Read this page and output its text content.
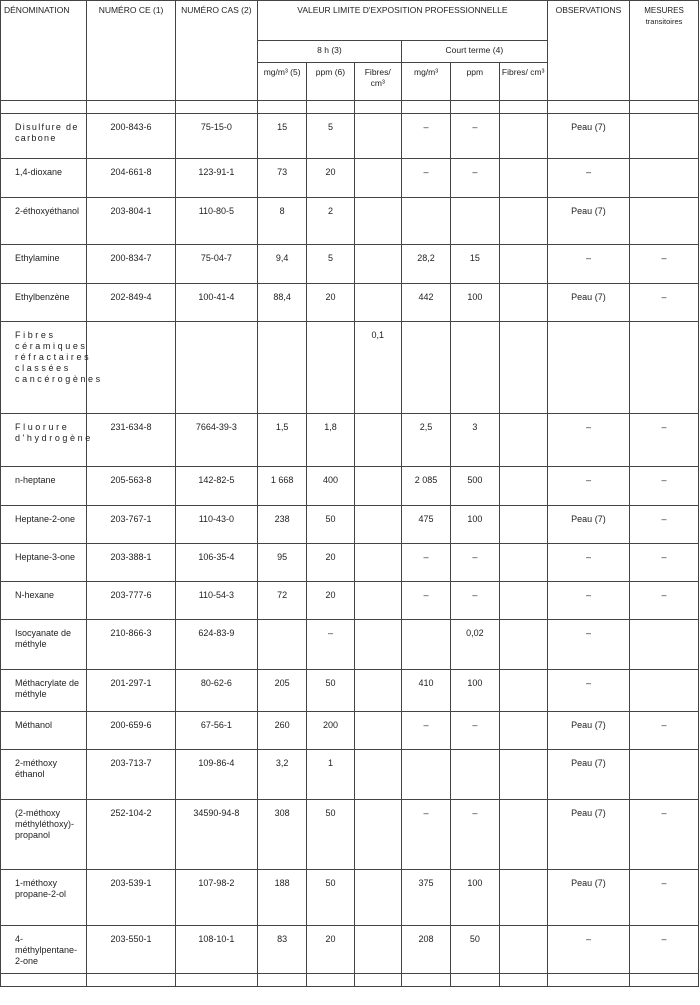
DÉNOMINATION	NUMÉRO CE (1)	NUMÉRO CAS (2)	VALEUR LIMITE D'EXPOSITION PROFESSIONNELLE						OBSERVATIONS	MESURES
transitoires

			8 h (3)			Court terme (4)				
			mg/m³ (5)	ppm (6)	Fibres/ cm³	mg/m³	ppm	Fibres/ cm³		

Disulfure de carbone	200-843-6	75-15-0	15	5		–	–		Peau (7)	

1,4-dioxane	204-661-8	123-91-1	73	20		–	–		–	

2-éthoxyéthanol	203-804-1	110-80-5	8	2					Peau (7)	

Ethylamine	200-834-7	75-04-7	9,4	5		28,2	15		–	–

Ethylbenzène	202-849-4	100-41-4	88,4	20		442	100		Peau (7)	–

Fibres céramiques réfractaires classées cancérogènes					0,1					

Fluorure d'hydrogène	231-634-8	7664-39-3	1,5	1,8		2,5	3		–	–

n-heptane	205-563-8	142-82-5	1 668	400		2 085	500		–	–

Heptane-2-one	203-767-1	110-43-0	238	50		475	100		Peau (7)	–

Heptane-3-one	203-388-1	106-35-4	95	20		–	–		–	–

N-hexane	203-777-6	110-54-3	72	20		–	–		–	–

Isocyanate de méthyle	210-866-3	624-83-9		–			0,02		–	

Méthacrylate de méthyle	201-297-1	80-62-6	205	50		410	100		–	

Méthanol	200-659-6	67-56-1	260	200		–	–		Peau (7)	–

2-méthoxy éthanol	203-713-7	109-86-4	3,2	1					Peau (7)	

(2-méthoxy méthyléthoxy)-propanol	252-104-2	34590-94-8	308	50		–	–		Peau (7)	–

1-méthoxy propane-2-ol	203-539-1	107-98-2	188	50		375	100		Peau (7)	–

4-méthylpentane-2-one	203-550-1	108-10-1	83	20		208	50		–	–
